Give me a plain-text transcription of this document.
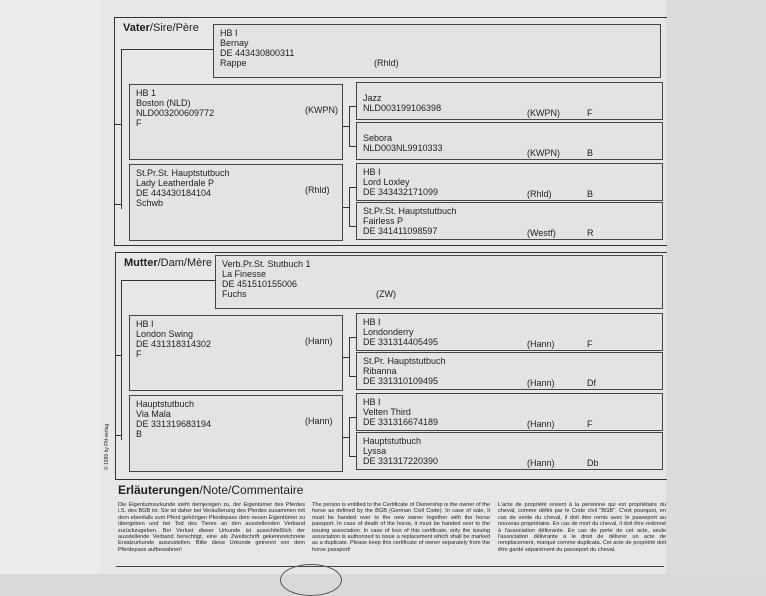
Vater/Sire/Père
Mutter/Dam/Mère
HB I
Bernay
DE 443430800311
Rappe	(Rhld)
HB 1
Boston (NLD)
NLD003200609772
F
(KWPN)
St.Pr.St. Hauptstutbuch
Lady Leatherdale P
DE 443430184104
Schwb
(Rhld)
Jazz
NLD003199106398	(KWPN)	F
Sebora
NLD003NL9910333	(KWPN)	B
HB I
Lord Loxley
DE 343432171099	(Rhld)	B
St.Pr.St. Hauptstutbuch
Fairless P
DE 341411098597	(Westf)	R
Verb.Pr.St. Stutbuch 1
La Finesse
DE 451510155006
Fuchs	(ZW)
HB I
London Swing
DE 431318314302
F
(Hann)
Hauptstutbuch
Via Mala
DE 331319683194
B
(Hann)
HB I
Londonderry
DE 331314405495	(Hann)	F
St.Pr. Hauptstutbuch
Ribanna
DE 331310109495	(Hann)	Df
HB I
Velten Third
DE 331316674189	(Hann)	F
Hauptstutbuch
Lyssa
DE 331317220390	(Hann)	Db
© 1999 by FN-verlag
Erläuterungen/Note/Commentaire
Die Eigentumsurkunde steht demjenigen zu, der Eigentümer des Pferdes i.S. des BGB ist. Sie ist daher bei Veräußerung des Pferdes zusammen mit dem ebenfalls zum Pferd gehörigen Pferdepass dem neuen Eigentümer zu übergeben und bei Tod des Tieres an den ausstellenden Verband zurückzugeben. Bei Verlust dieser Urkunde ist ausschließlich der ausstellende Verband berechtigt, eine als Zweitschrift gekennzeichnete Ersatzurkunde auszustellen. Bitte diese Urkunde getrennt von dem Pferdepass aufbewahren!
The person is entitled to the Certificate of Ownership is the owner of the horse as defined by the BGB (German Civil Code). In case of sale, it must be handed over to the new owner together with the horse passport. In case of death of the horse, it must be handed over to the issuing association. In case of loss of this certificate, only the issuing association is authorized to issue a replacement which shall be marked as a duplicate. Please keep this certificate of owner separately from the horse passport!
L'acte de propriété revient à la personne qui est propriétaire du cheval, comme défini par le Code civil "BGB". C'est pourquoi, en cas de vente du cheval, il doit être remis avec le passeport au nouveau propriétaire. En cas de mort du cheval, il doit être redonné à l'association délivrante. En cas de perte de cet acte, seule l'association délivrante a le droit de délivrer un acte de remplacement, marqué comme duplicata. Cet acte de propriété doit être gardé séparément du passeport du cheval.
